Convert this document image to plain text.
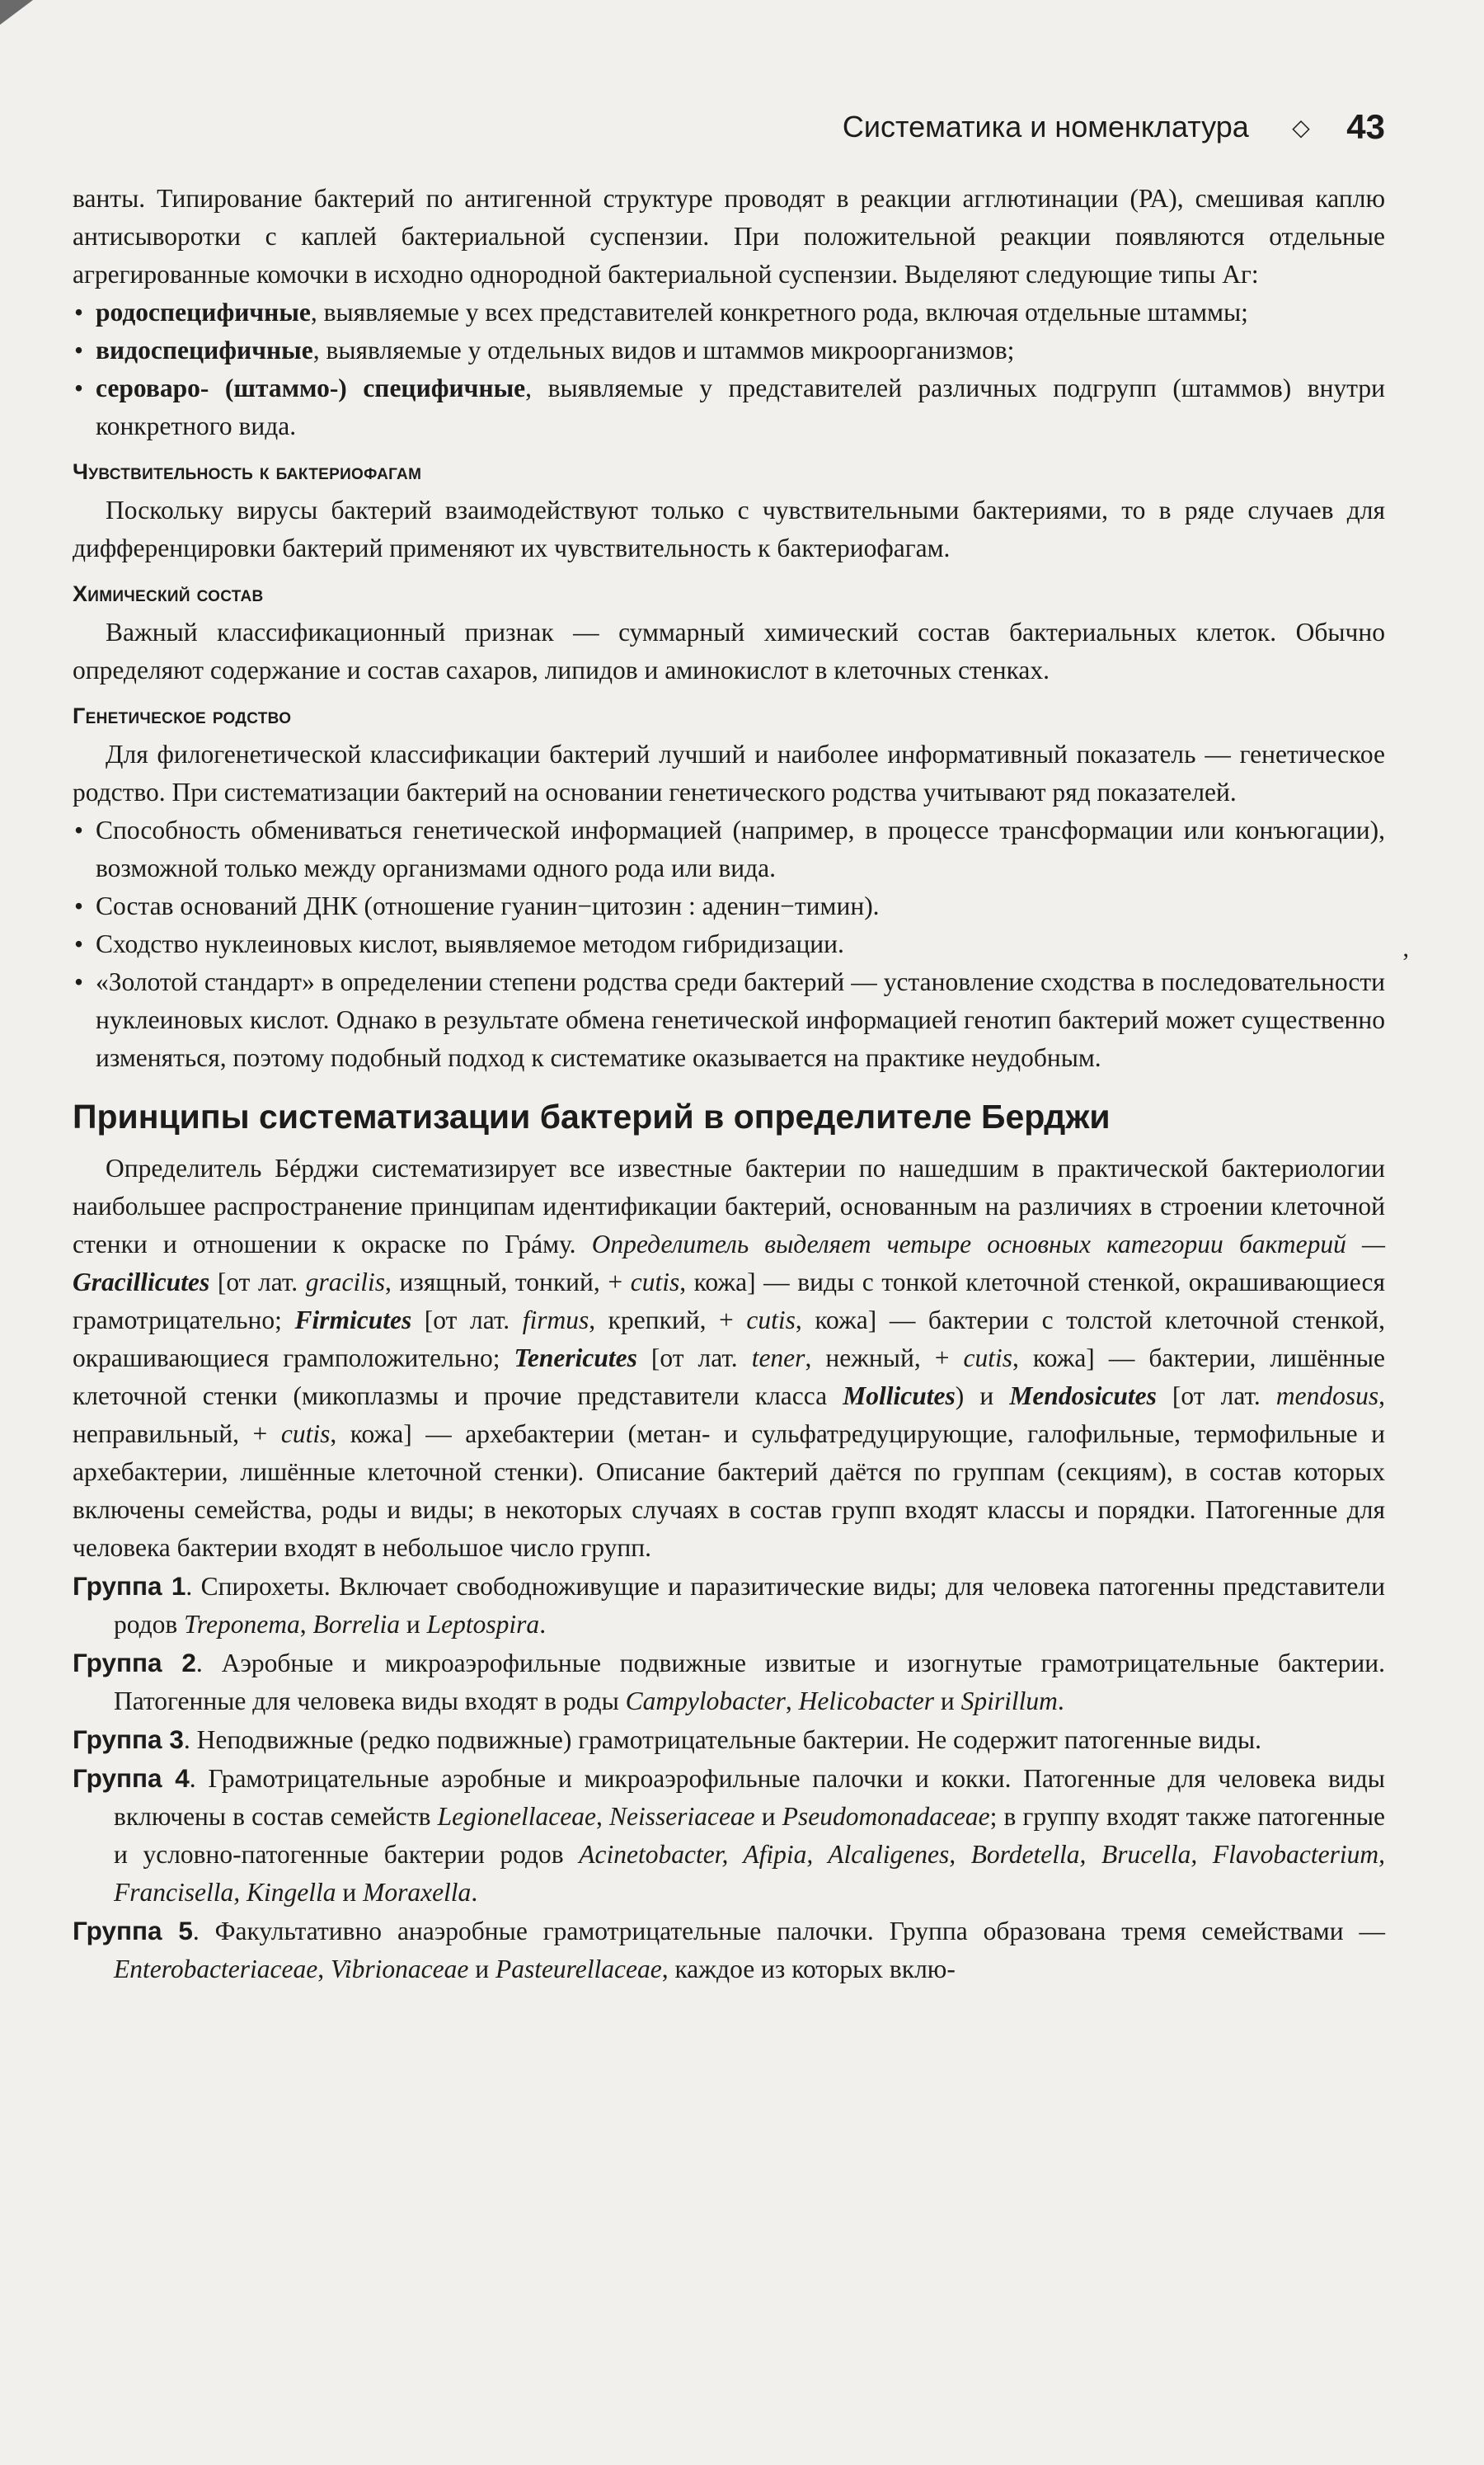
Систематика и номенклатура ◇ 43
’

ванты. Типирование бактерий по антигенной структуре проводят в реакции агглютинации (РА), смешивая каплю антисыворотки с каплей бактериальной суспензии. При положительной реакции появляются отдельные агрегированные комочки в исходно однородной бактериальной суспензии. Выделяют следующие типы Аг:

• родоспецифичные, выявляемые у всех представителей конкретного рода, включая отдельные штаммы;
• видоспецифичные, выявляемые у отдельных видов и штаммов микроорганизмов;
• сероваро- (штаммо-) специфичные, выявляемые у представителей различных подгрупп (штаммов) внутри конкретного вида.
Чувствительность к бактериофагам

Поскольку вирусы бактерий взаимодействуют только с чувствительными бактериями, то в ряде случаев для дифференцировки бактерий применяют их чувствительность к бактериофагам.

Химический состав

Важный классификационный признак — суммарный химический состав бактериальных клеток. Обычно определяют содержание и состав сахаров, липидов и аминокислот в клеточных стенках.

Генетическое родство

Для филогенетической классификации бактерий лучший и наиболее информативный показатель — генетическое родство. При систематизации бактерий на основании генетического родства учитывают ряд показателей.

• Способность обмениваться генетической информацией (например, в процессе трансформации или конъюгации), возможной только между организмами одного рода или вида.
• Состав оснований ДНК (отношение гуанин−цитозин : аденин−тимин).
• Сходство нуклеиновых кислот, выявляемое методом гибридизации.
• «Золотой стандарт» в определении степени родства среди бактерий — установление сходства в последовательности нуклеиновых кислот. Однако в результате обмена генетической информацией генотип бактерий может существенно изменяться, поэтому подобный подход к систематике оказывается на практике неудобным.
Принципы систематизации бактерий в определителе Берджи

Определитель Бéрджи систематизирует все известные бактерии по нашедшим в практической бактериологии наибольшее распространение принципам идентификации бактерий, основанным на различиях в строении клеточной стенки и отношении к окраске по Грáму. Определитель выделяет четыре основных категории бактерий — Gracillicutes [от лат. gracilis, изящный, тонкий, + cutis, кожа] — виды с тонкой клеточной стенкой, окрашивающиеся грамотрицательно; Firmicutes [от лат. firmus, крепкий, + cutis, кожа] — бактерии с толстой клеточной стенкой, окрашивающиеся грамположительно; Tenericutes [от лат. tener, нежный, + cutis, кожа] — бактерии, лишённые клеточной стенки (микоплазмы и прочие представители класса Mollicutes) и Mendosicutes [от лат. mendosus, неправильный, + cutis, кожа] — архебактерии (метан- и сульфатредуцирующие, галофильные, термофильные и архебактерии, лишённые клеточной стенки). Описание бактерий даётся по группам (секциям), в состав которых включены семейства, роды и виды; в некоторых случаях в состав групп входят классы и порядки. Патогенные для человека бактерии входят в небольшое число групп.

Группа 1. Спирохеты. Включает свободноживущие и паразитические виды; для человека патогенны представители родов Treponema, Borrelia и Leptospira.

Группа 2. Аэробные и микроаэрофильные подвижные извитые и изогнутые грамотрицательные бактерии. Патогенные для человека виды входят в роды Campylobacter, Helicobacter и Spirillum.

Группа 3. Неподвижные (редко подвижные) грамотрицательные бактерии. Не содержит патогенные виды.

Группа 4. Грамотрицательные аэробные и микроаэрофильные палочки и кокки. Патогенные для человека виды включены в состав семейств Legionellaceae, Neisseriaceae и Pseudomonadaceae; в группу входят также патогенные и условно-патогенные бактерии родов Acinetobacter, Afipia, Alcaligenes, Bordetella, Brucella, Flavobacterium, Francisella, Kingella и Moraxella.

Группа 5. Факультативно анаэробные грамотрицательные палочки. Группа образована тремя семействами — Enterobacteriaceae, Vibrionaceae и Pasteurellaceae, каждое из которых вклю-
